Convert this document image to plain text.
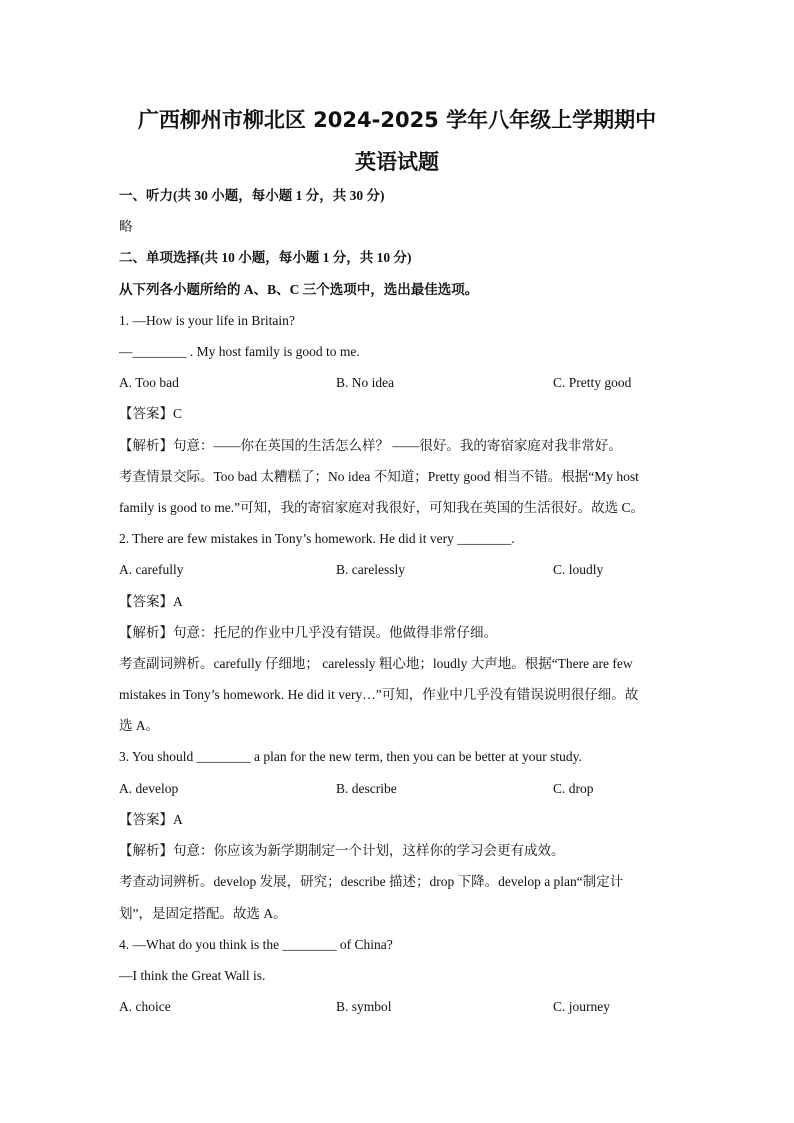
广西柳州市柳北区 2024-2025 学年八年级上学期期中
英语试题
一、听力(共 30 小题，每小题 1 分，共 30 分)
略
二、单项选择(共 10 小题，每小题 1 分，共 10 分)
从下列各小题所给的 A、B、C 三个选项中，选出最佳选项。
1. —How is your life in Britain?
—________ . My host family is good to me.
A. Too bad	B. No idea	C. Pretty good
【答案】C
【解析】句意：——你在英国的生活怎么样？ ——很好。我的寄宿家庭对我非常好。
考查情景交际。Too bad 太糟糕了；No idea 不知道；Pretty good 相当不错。根据“My host
family is good to me.”可知，我的寄宿家庭对我很好，可知我在英国的生活很好。故选 C。
2. There are few mistakes in Tony’s homework. He did it very ________.
A. carefully	B. carelessly	C. loudly
【答案】A
【解析】句意：托尼的作业中几乎没有错误。他做得非常仔细。
考查副词辨析。carefully 仔细地； carelessly 粗心地；loudly 大声地。根据“There are few
mistakes in Tony’s homework. He did it very…”可知，作业中几乎没有错误说明很仔细。故
选 A。
3. You should ________ a plan for the new term, then you can be better at your study.
A. develop	B. describe	C. drop
【答案】A
【解析】句意：你应该为新学期制定一个计划，这样你的学习会更有成效。
考查动词辨析。develop 发展，研究；describe 描述；drop 下降。develop a plan“制定计
划”，是固定搭配。故选 A。
4. —What do you think is the ________ of China?
—I think the Great Wall is.
A. choice	B. symbol	C. journey
